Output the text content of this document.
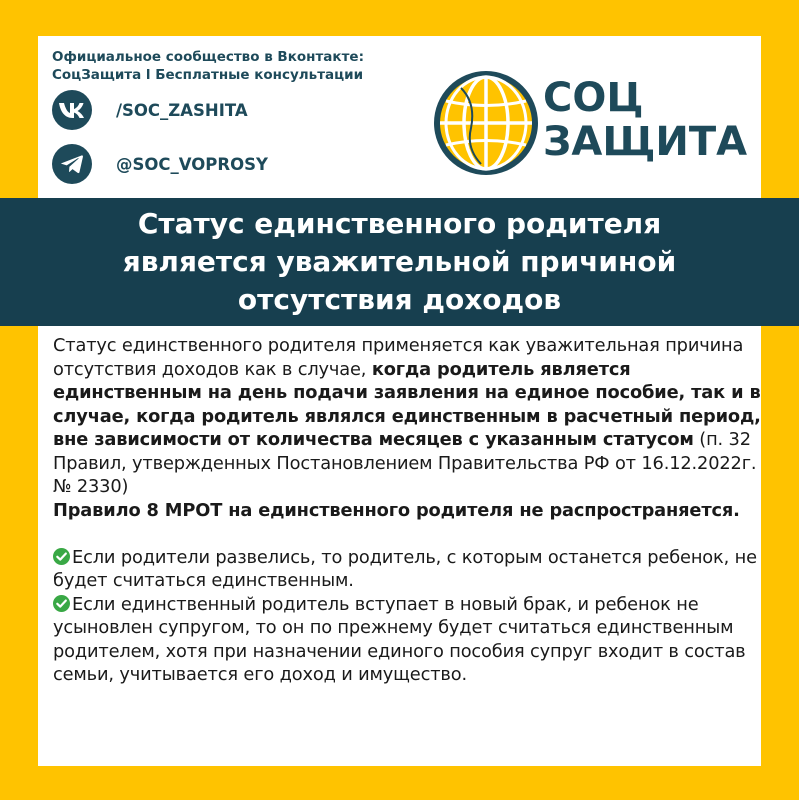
Официальное сообщество в Вконтакте:
СоцЗащита l Бесплатные консультации
/SOC_ZASHITA
@SOC_VOPROSY
СОЦ
ЗАЩИТА
Статус единственного родителя
является уважительной причиной
отсутствия доходов
Статус единственного родителя применяется как уважительная причина отсутствия доходов как в случае, когда родитель является единственным на день подачи заявления на единое пособие, так и в случае, когда родитель являлся единственным в расчетный период, вне зависимости от количества месяцев с указанным статусом (п. 32 Правил, утвержденных Постановлением Правительства РФ от 16.12.2022г. № 2330)
Правило 8 МРОТ на единственного родителя не распространяется.
Если родители развелись, то родитель, с которым останется ребенок, не будет считаться единственным.
Если единственный родитель вступает в новый брак, и ребенок не усыновлен супругом, то он по прежнему будет считаться единственным родителем, хотя при назначении единого пособия супруг входит в состав семьи, учитывается его доход и имущество.
